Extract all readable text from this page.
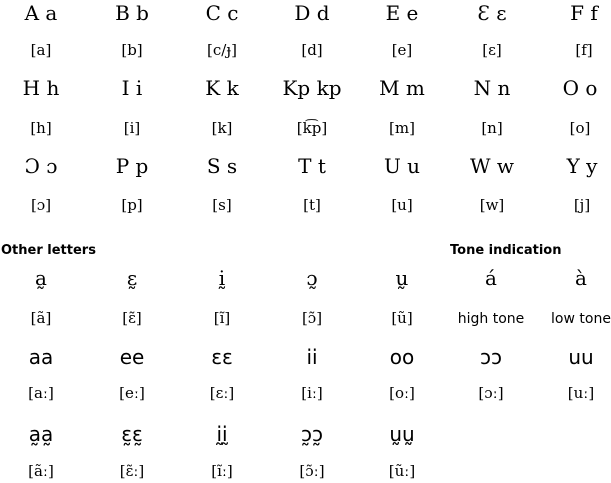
A a
[a]
B b
[b]
C c
[c/ɟ]
D d
[d]
E e
[e]
Ɛ ɛ
[ɛ]
F f
[f]
H h
[h]
I i
[i]
K k
[k]
Kp kp
[k͡p]
M m
[m]
N n
[n]
O o
[o]
Ɔ ɔ
[ɔ]
P p
[p]
S s
[s]
T t
[t]
U u
[u]
W w
[w]
Y y
[j]
Other letters	Tone indication
a̰
[ã]
ɛ̰
[ɛ̃]
ḭ
[ĩ]
ɔ̰
[ɔ̃]
ṵ
[ũ]
aa
[aː]
ee
[eː]
ɛɛ
[ɛː]
ii
[iː]
oo
[oː]
a̰a̰
[ãː]
ɛ̰ɛ̰
[ɛ̃ː]
ḭḭ
[ĩː]
ɔ̰ɔ̰
[ɔ̃ː]
ṵṵ
[ũː]
á
high tone
à
low tone
ɔɔ
[ɔː]
uu
[uː]
